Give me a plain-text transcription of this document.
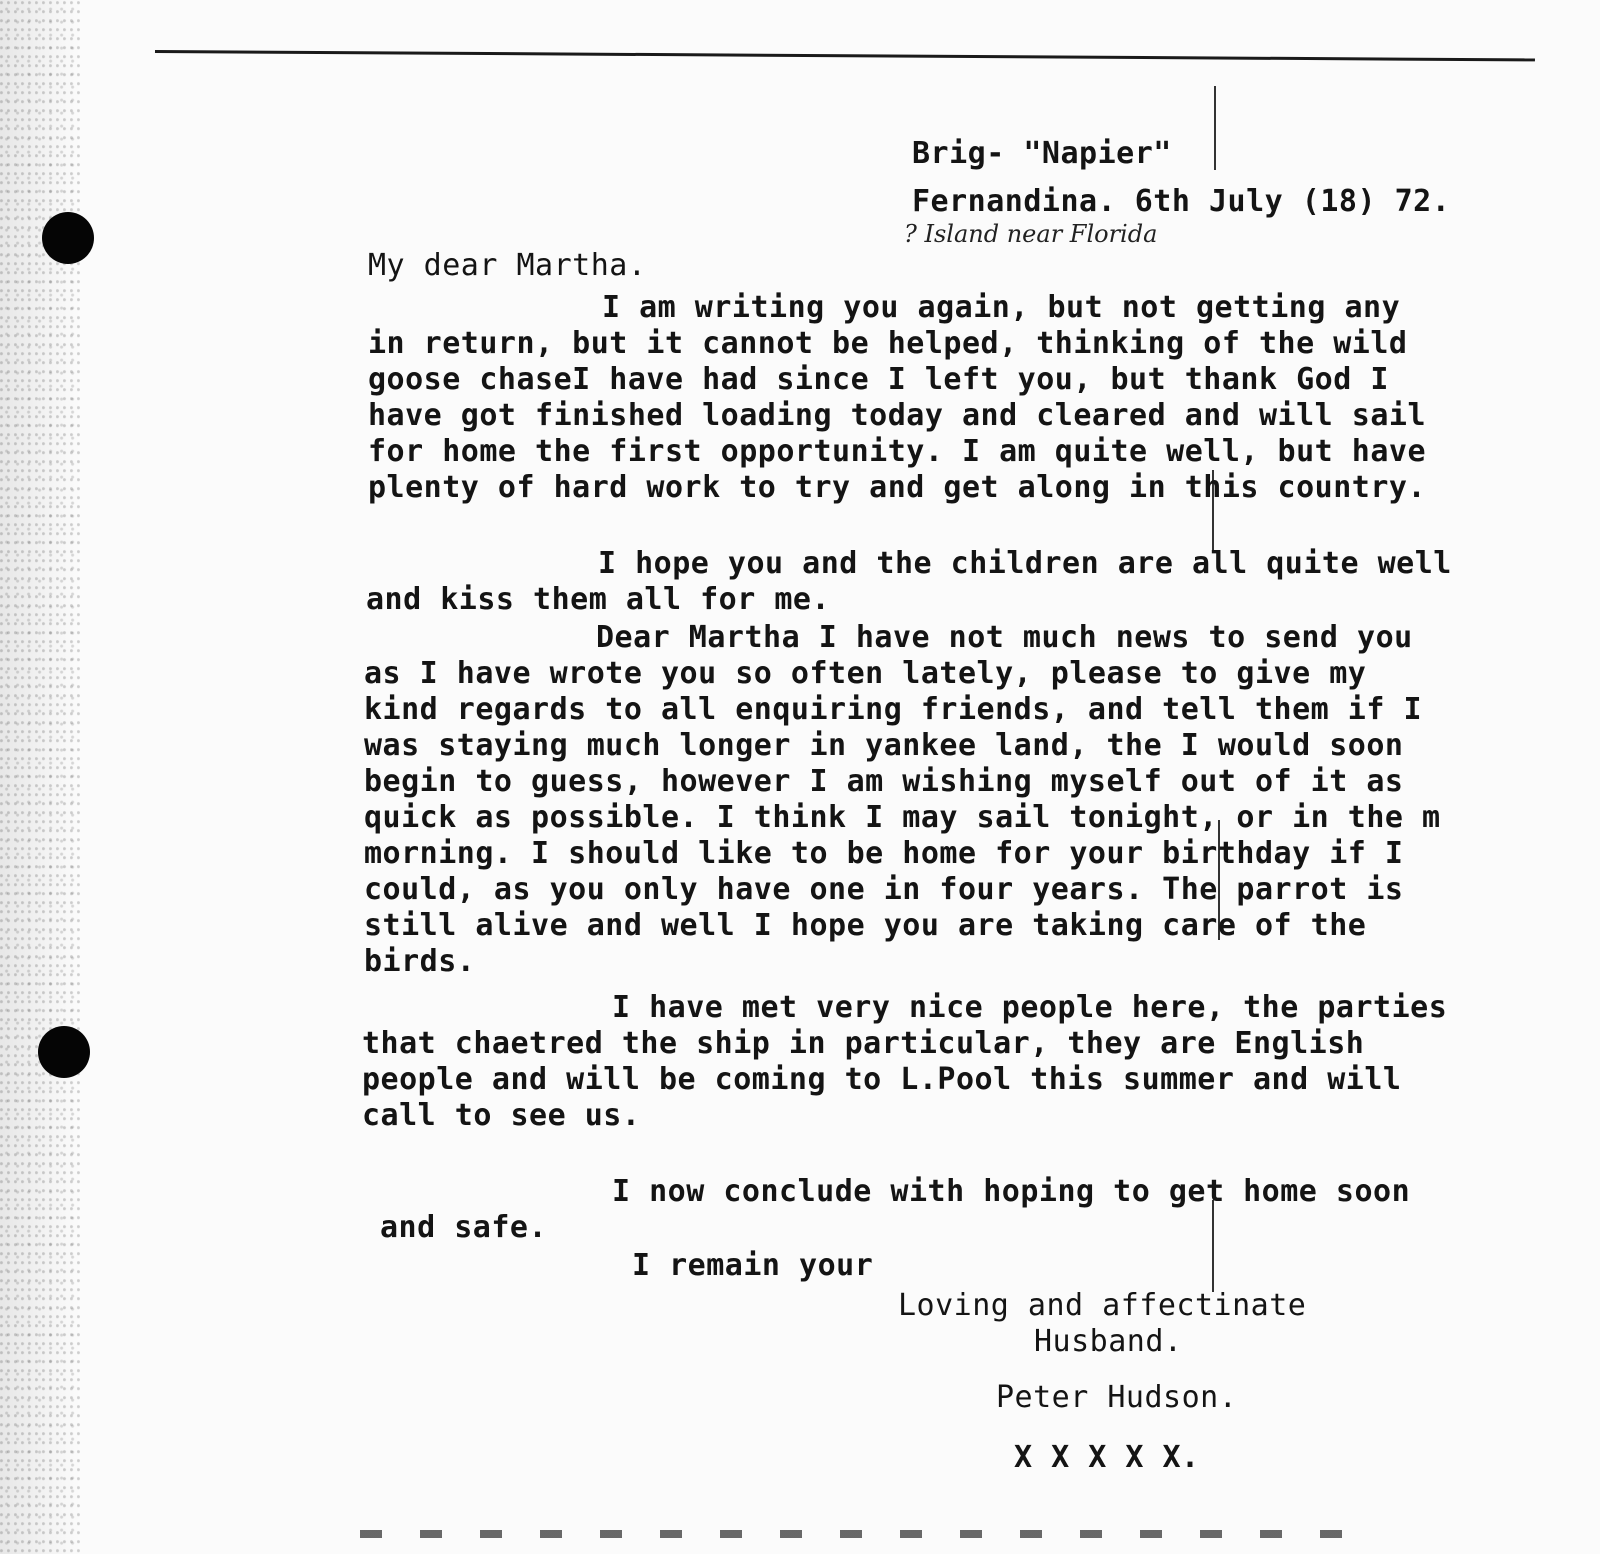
Brig- "Napier"
Fernandina. 6th July (18) 72.
? Island near Florida
My dear Martha.
I am writing you again, but not getting any
in return, but it cannot be helped, thinking of the wild
goose chaseI have had since I left you, but thank God I
have got finished loading today and cleared and will sail
for home the first opportunity. I am quite well, but have
plenty of hard work to try and get along in this country.
I hope you and the children are all quite well
and kiss them all for me.
Dear Martha I have not much news to send you
as I have wrote you so often lately, please to give my
kind regards to all enquiring friends, and tell them if I
was staying much longer in yankee land, the I would soon
begin to guess, however I am wishing myself out of it as
quick as possible. I think I may sail tonight, or in the m
morning. I should like to be home for your birthday if I
could, as you only have one in four years. The parrot is
still alive and well I hope you are taking care of the
birds.
I have met very nice people here, the parties
that chaetred the ship in particular, they are English
people and will be coming to L.Pool this summer and will
call to see us.
I now conclude with hoping to get home soon
and safe.
I remain your
Loving and affectinate
Husband.
Peter Hudson.
X X X X X.
